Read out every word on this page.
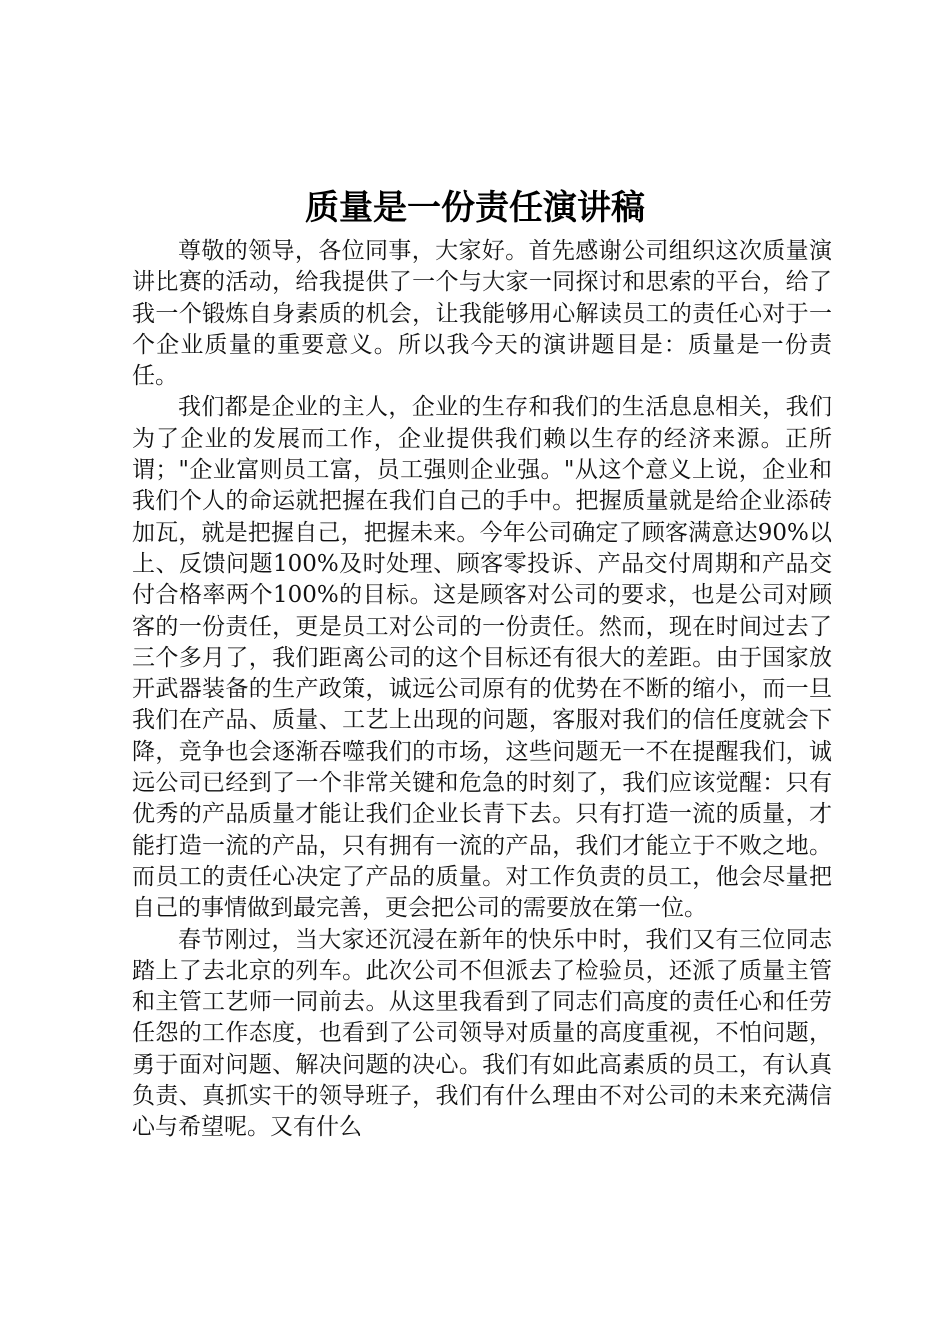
质量是一份责任演讲稿

尊敬的领导，各位同事，大家好。首先感谢公司组织这次质量演讲比赛的活动，给我提供了一个与大家一同探讨和思索的平台，给了我一个锻炼自身素质的机会，让我能够用心解读员工的责任心对于一个企业质量的重要意义。所以我今天的演讲题目是：质量是一份责任。

我们都是企业的主人，企业的生存和我们的生活息息相关，我们为了企业的发展而工作，企业提供我们赖以生存的经济来源。正所谓；"企业富则员工富，员工强则企业强。"从这个意义上说，企业和我们个人的命运就把握在我们自己的手中。把握质量就是给企业添砖加瓦，就是把握自己，把握未来。今年公司确定了顾客满意达90%以上、反馈问题100%及时处理、顾客零投诉、产品交付周期和产品交付合格率两个100%的目标。这是顾客对公司的要求，也是公司对顾客的一份责任，更是员工对公司的一份责任。然而，现在时间过去了三个多月了，我们距离公司的这个目标还有很大的差距。由于国家放开武器装备的生产政策，诚远公司原有的优势在不断的缩小，而一旦我们在产品、质量、工艺上出现的问题，客服对我们的信任度就会下降，竞争也会逐渐吞噬我们的市场，这些问题无一不在提醒我们，诚远公司已经到了一个非常关键和危急的时刻了，我们应该觉醒：只有优秀的产品质量才能让我们企业长青下去。只有打造一流的质量，才能打造一流的产品，只有拥有一流的产品，我们才能立于不败之地。而员工的责任心决定了产品的质量。对工作负责的员工，他会尽量把自己的事情做到最完善，更会把公司的需要放在第一位。

春节刚过，当大家还沉浸在新年的快乐中时，我们又有三位同志踏上了去北京的列车。此次公司不但派去了检验员，还派了质量主管和主管工艺师一同前去。从这里我看到了同志们高度的责任心和任劳任怨的工作态度，也看到了公司领导对质量的高度重视，不怕问题，勇于面对问题、解决问题的决心。我们有如此高素质的员工，有认真负责、真抓实干的领导班子，我们有什么理由不对公司的未来充满信心与希望呢。又有什么
